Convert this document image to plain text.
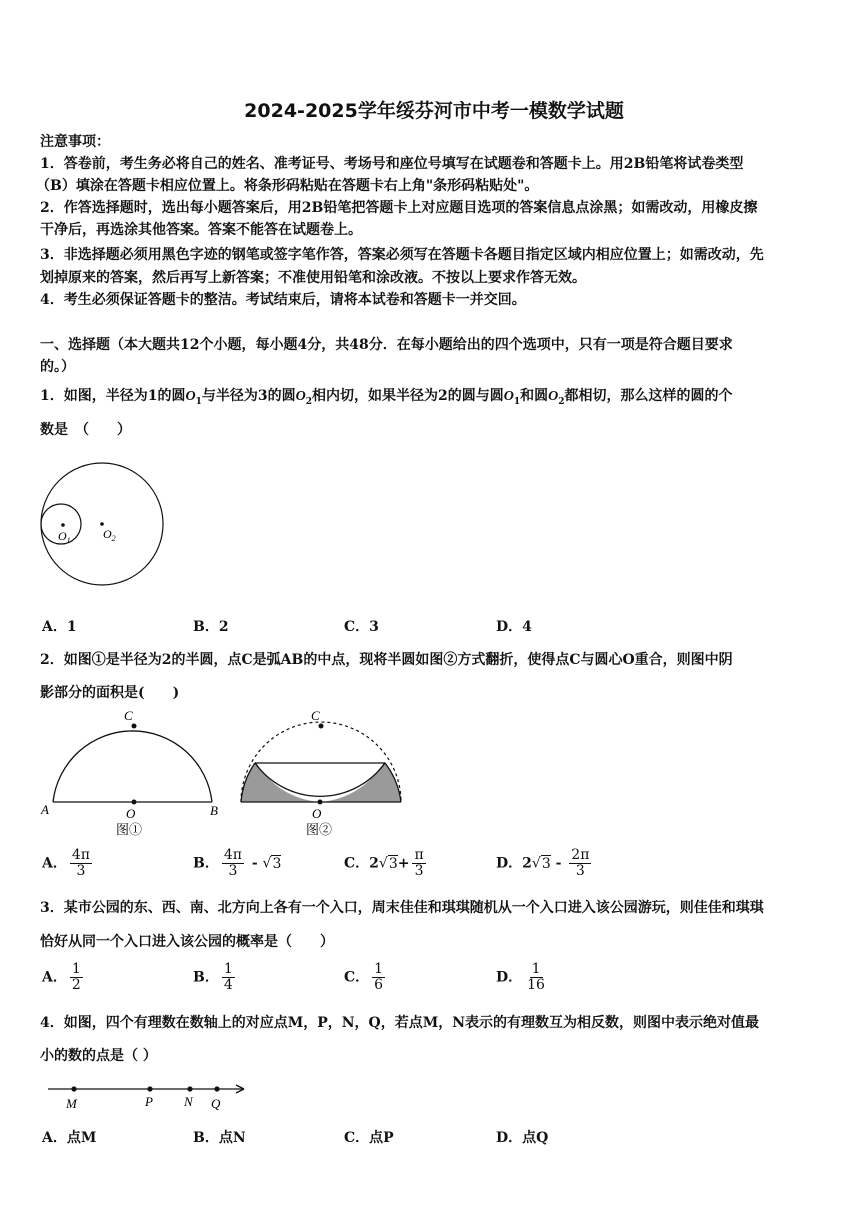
2024-2025学年绥芬河市中考一模数学试题
注意事项：
1．答卷前，考生务必将自己的姓名、准考证号、考场号和座位号填写在试题卷和答题卡上。用2B铅笔将试卷类型
（B）填涂在答题卡相应位置上。将条形码粘贴在答题卡右上角"条形码粘贴处"。
2．作答选择题时，选出每小题答案后，用2B铅笔把答题卡上对应题目选项的答案信息点涂黑；如需改动，用橡皮擦
干净后，再选涂其他答案。答案不能答在试题卷上。
3．非选择题必须用黑色字迹的钢笔或签字笔作答，答案必须写在答题卡各题目指定区域内相应位置上；如需改动，先
划掉原来的答案，然后再写上新答案；不准使用铅笔和涂改液。不按以上要求作答无效。
4．考生必须保证答题卡的整洁。考试结束后，请将本试卷和答题卡一并交回。
一、选择题（本大题共12个小题，每小题4分，共48分．在每小题给出的四个选项中，只有一项是符合题目要求
的。）
1．如图，半径为1的圆$O_1$与半径为3的圆$O_2$相内切，如果半径为2的圆与圆$O_1$和圆$O_2$都相切，那么这样的圆的个
数是　（　　）
$O_1$	$O_2$
A．1	B．2	C．3	D．4
2．如图①是半径为2的半圆，点C是弧AB的中点，现将半圆如图②方式翻折，使得点C与圆心O重合，则图中阴
影部分的面积是(　　)
C
A	B
O
图①
C
O
图②
A． $\frac{4\pi}{3}$	B． $\frac{4\pi}{3} - √3$	C．$2√3+ \frac{\pi}{3}$	D．$2√3 - \frac{2\pi}{3}$
3．某市公园的东、西、南、北方向上各有一个入口，周末佳佳和琪琪随机从一个入口进入该公园游玩，则佳佳和琪琪
恰好从同一个入口进入该公园的概率是（　　）
A． $\frac{1}{2}$	B． $\frac{1}{4}$	C． $\frac{1}{6}$	D． $\frac{1}{16}$
4．如图，四个有理数在数轴上的对应点M，P，N，Q，若点M，N表示的有理数互为相反数，则图中表示绝对值最
小的数的点是（ ）
M	P N Q
A．点M	B．点N	C．点P	D．点Q
